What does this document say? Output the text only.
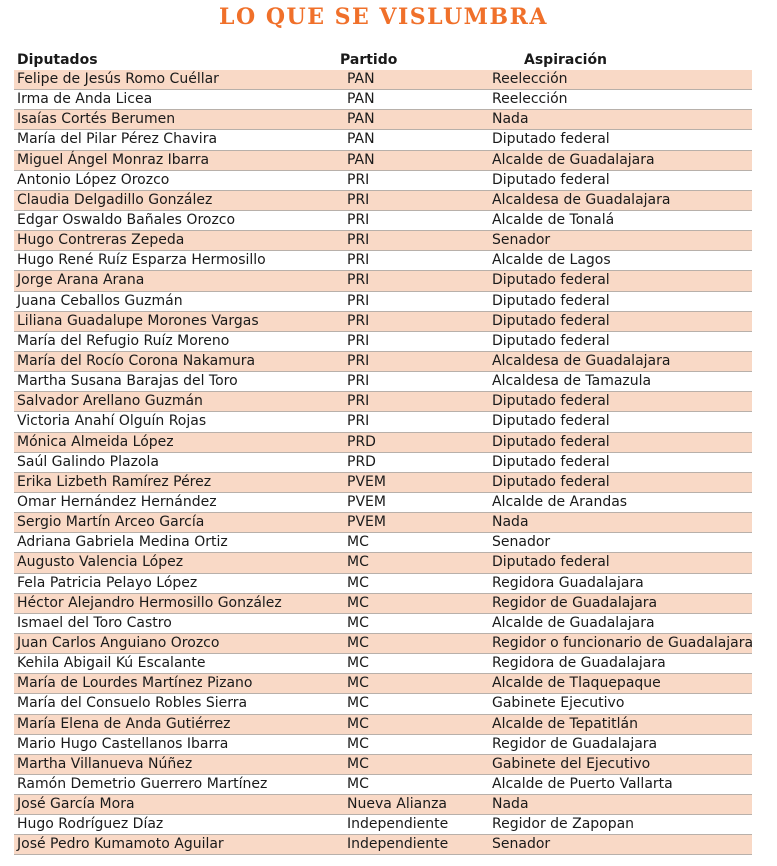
LO QUE SE VISLUMBRA
Diputados	Partido	Aspiración
Felipe de Jesús Romo Cuéllar	PAN	Reelección
Irma de Anda Licea	PAN	Reelección
Isaías Cortés Berumen	PAN	Nada
María del Pilar Pérez Chavira	PAN	Diputado federal
Miguel Ángel Monraz Ibarra	PAN	Alcalde de Guadalajara
Antonio López Orozco	PRI	Diputado federal
Claudia Delgadillo González	PRI	Alcaldesa de Guadalajara
Edgar Oswaldo Bañales Orozco	PRI	Alcalde de Tonalá
Hugo Contreras Zepeda	PRI	Senador
Hugo René Ruíz Esparza Hermosillo	PRI	Alcalde de Lagos
Jorge Arana Arana	PRI	Diputado federal
Juana Ceballos Guzmán	PRI	Diputado federal
Liliana Guadalupe Morones Vargas	PRI	Diputado federal
María del Refugio Ruíz Moreno	PRI	Diputado federal
María del Rocío Corona Nakamura	PRI	Alcaldesa de Guadalajara
Martha Susana Barajas del Toro	PRI	Alcaldesa de Tamazula
Salvador Arellano Guzmán	PRI	Diputado federal
Victoria Anahí Olguín Rojas	PRI	Diputado federal
Mónica Almeida López	PRD	Diputado federal
Saúl Galindo Plazola	PRD	Diputado federal
Erika Lizbeth Ramírez Pérez	PVEM	Diputado federal
Omar Hernández Hernández	PVEM	Alcalde de Arandas
Sergio Martín Arceo García	PVEM	Nada
Adriana Gabriela Medina Ortiz	MC	Senador
Augusto Valencia López	MC	Diputado federal
Fela Patricia Pelayo López	MC	Regidora Guadalajara
Héctor Alejandro Hermosillo González	MC	Regidor de Guadalajara
Ismael del Toro Castro	MC	Alcalde de Guadalajara
Juan Carlos Anguiano Orozco	MC	Regidor o funcionario de Guadalajara
Kehila Abigail Kú Escalante	MC	Regidora de Guadalajara
María de Lourdes Martínez Pizano	MC	Alcalde de Tlaquepaque
María del Consuelo Robles Sierra	MC	Gabinete Ejecutivo
María Elena de Anda Gutiérrez	MC	Alcalde de Tepatitlán
Mario Hugo Castellanos Ibarra	MC	Regidor de Guadalajara
Martha Villanueva Núñez	MC	Gabinete del Ejecutivo
Ramón Demetrio Guerrero Martínez	MC	Alcalde de Puerto Vallarta
José García Mora	Nueva Alianza	Nada
Hugo Rodríguez Díaz	Independiente	Regidor de Zapopan
José Pedro Kumamoto Aguilar	Independiente	Senador
